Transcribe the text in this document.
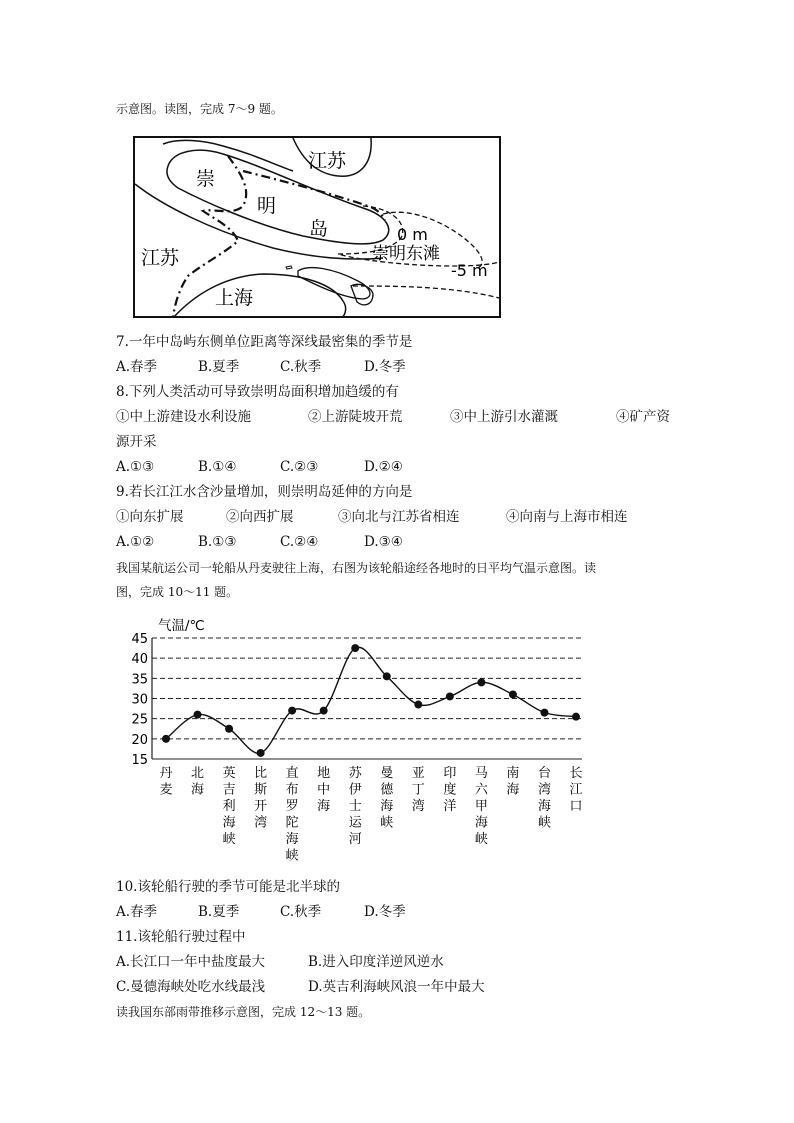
示意图。读图，完成 7～9 题。
江苏
江苏
上海
崇
明
岛
崇明东滩
0 m
-5 m
7.一年中岛屿东侧单位距离等深线最密集的季节是
A.春季	B.夏季	C.秋季	D.冬季
8.下列人类活动可导致崇明岛面积增加趋缓的有
①中上游建设水利设施	②上游陡坡开荒	③中上游引水灌溉	④矿产资
源开采
A.①③	B.①④	C.②③	D.②④
9.若长江江水含沙量增加，则崇明岛延伸的方向是
①向东扩展	②向西扩展	③向北与江苏省相连	④向南与上海市相连
A.①②	B.①③	C.②④	D.③④
我国某航运公司一轮船从丹麦驶往上海，右图为该轮船途经各地时的日平均气温示意图。读
图，完成 10～11 题。
气温/℃
15
20
25
30
35
40
45
丹麦
北海
英吉利海峡
比斯开湾
直布罗陀海峡
地中海
苏伊士运河
曼德海峡
亚丁湾
印度洋
马六甲海峡
南海
台湾海峡
长江口
10.该轮船行驶的季节可能是北半球的
A.春季	B.夏季	C.秋季	D.冬季
11.该轮船行驶过程中
A.长江口一年中盐度最大	B.进入印度洋逆风逆水
C.曼德海峡处吃水线最浅	D.英吉利海峡风浪一年中最大
读我国东部雨带推移示意图，完成 12～13 题。
